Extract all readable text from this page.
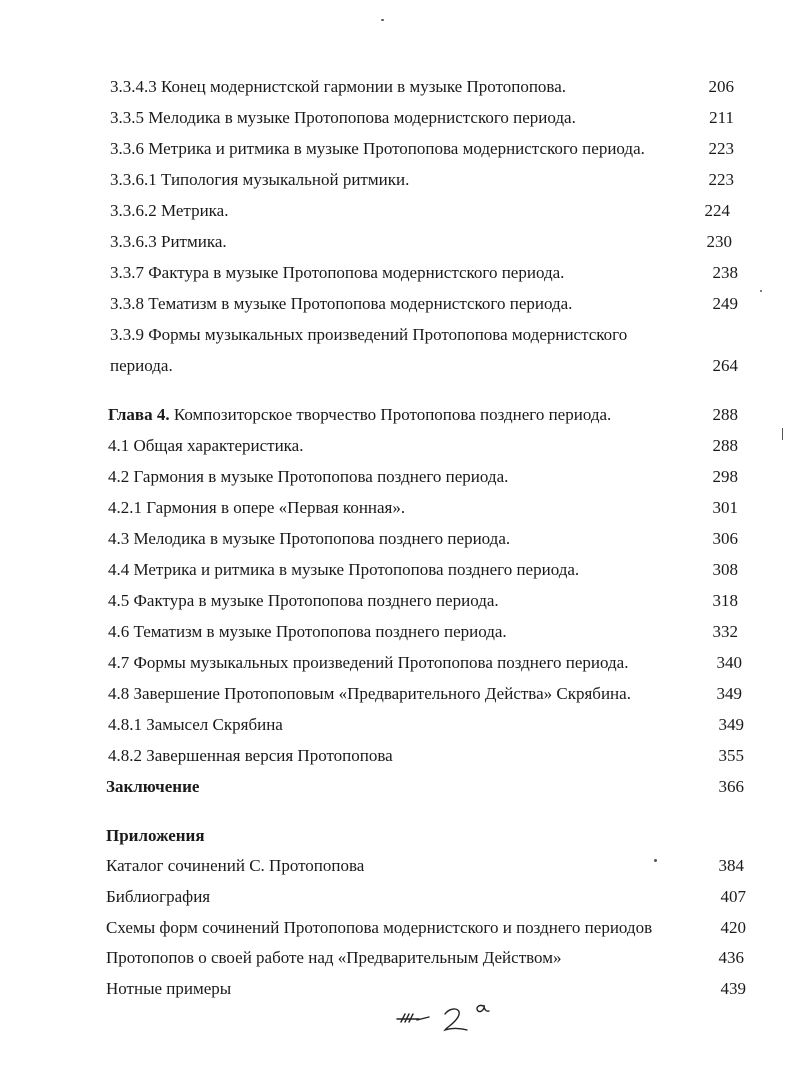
3.3.4.3 Конец модернистской гармонии в музыке Протопопова.	206
3.3.5 Мелодика в музыке Протопопова модернистского периода.	211
3.3.6 Метрика и ритмика в музыке Протопопова модернистского периода.	223
3.3.6.1 Типология музыкальной ритмики.	223
3.3.6.2 Метрика.	224
3.3.6.3 Ритмика.	230
3.3.7 Фактура в музыке Протопопова модернистского периода.	238
3.3.8 Тематизм в музыке Протопопова модернистского периода.	249
3.3.9 Формы музыкальных произведений Протопопова модернистского
периода.	264
Глава 4. Композиторское творчество Протопопова позднего периода.	288
4.1 Общая характеристика.	288
4.2 Гармония в музыке Протопопова позднего периода.	298
4.2.1 Гармония в опере «Первая конная».	301
4.3 Мелодика в музыке Протопопова позднего периода.	306
4.4 Метрика и ритмика в музыке Протопопова позднего периода.	308
4.5 Фактура в музыке Протопопова позднего периода.	318
4.6 Тематизм в музыке Протопопова позднего периода.	332
4.7 Формы музыкальных произведений Протопопова позднего периода.	340
4.8 Завершение Протопоповым «Предварительного Действа» Скрябина.	349
4.8.1 Замысел Скрябина	349
4.8.2 Завершенная версия Протопопова	355
Заключение	366
Приложения
Каталог сочинений С. Протопопова	384
Библиография	407
Схемы форм сочинений Протопопова модернистского и позднего периодов	420
Протопопов о своей работе над «Предварительным Действом»	436
Нотные примеры	439
